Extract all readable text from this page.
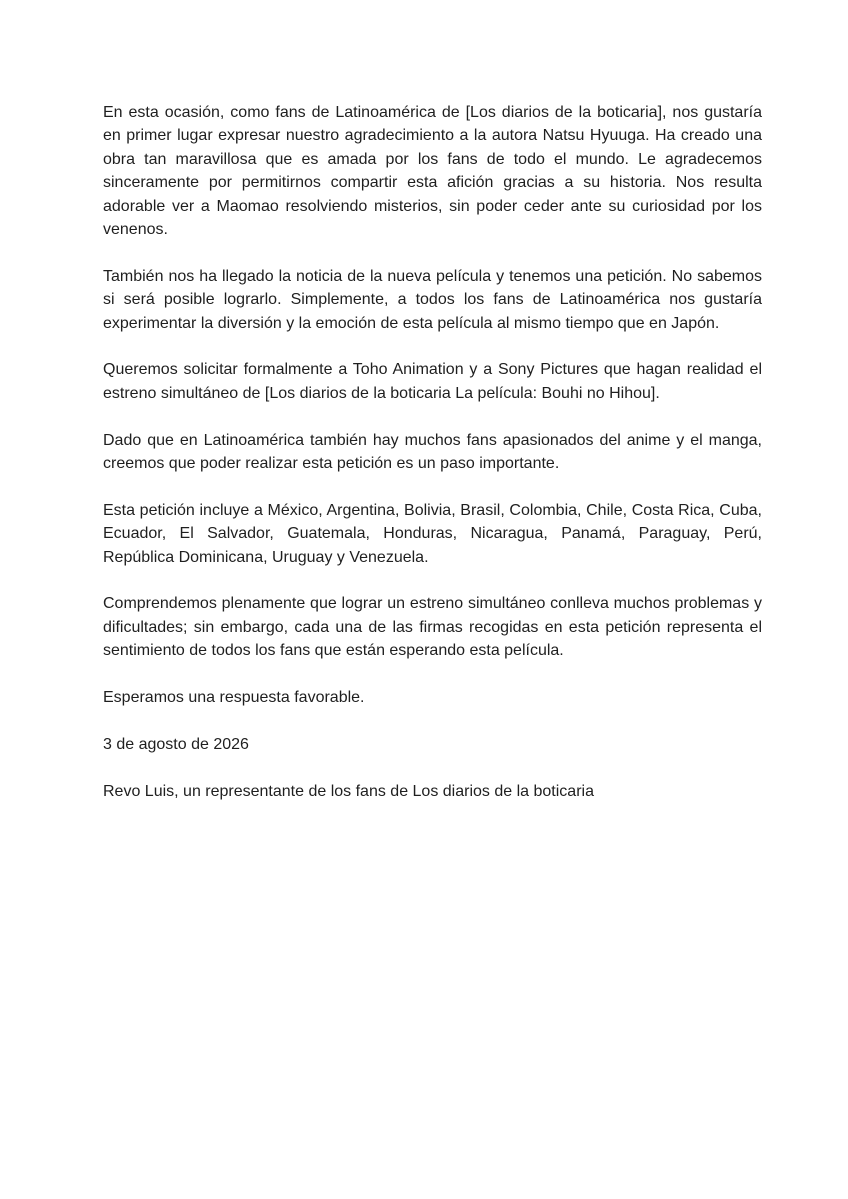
En esta ocasión, como fans de Latinoamérica de [Los diarios de la boticaria], nos gustaría en primer lugar expresar nuestro agradecimiento a la autora Natsu Hyuuga. Ha creado una obra tan maravillosa que es amada por los fans de todo el mundo. Le agradecemos sinceramente por permitirnos compartir esta afición gracias a su historia. Nos resulta adorable ver a Maomao resolviendo misterios, sin poder ceder ante su curiosidad por los venenos.

También nos ha llegado la noticia de la nueva película y tenemos una petición. No sabemos si será posible lograrlo. Simplemente, a todos los fans de Latinoamérica nos gustaría experimentar la diversión y la emoción de esta película al mismo tiempo que en Japón.

Queremos solicitar formalmente a Toho Animation y a Sony Pictures que hagan realidad el estreno simultáneo de [Los diarios de la boticaria La película: Bouhi no Hihou].

Dado que en Latinoamérica también hay muchos fans apasionados del anime y el manga, creemos que poder realizar esta petición es un paso importante.

Esta petición incluye a México, Argentina, Bolivia, Brasil, Colombia, Chile, Costa Rica, Cuba, Ecuador, El Salvador, Guatemala, Honduras, Nicaragua, Panamá, Paraguay, Perú, República Dominicana, Uruguay y Venezuela.

Comprendemos plenamente que lograr un estreno simultáneo conlleva muchos problemas y dificultades; sin embargo, cada una de las firmas recogidas en esta petición representa el sentimiento de todos los fans que están esperando esta película.

Esperamos una respuesta favorable.

3 de agosto de 2026

Revo Luis, un representante de los fans de Los diarios de la boticaria
